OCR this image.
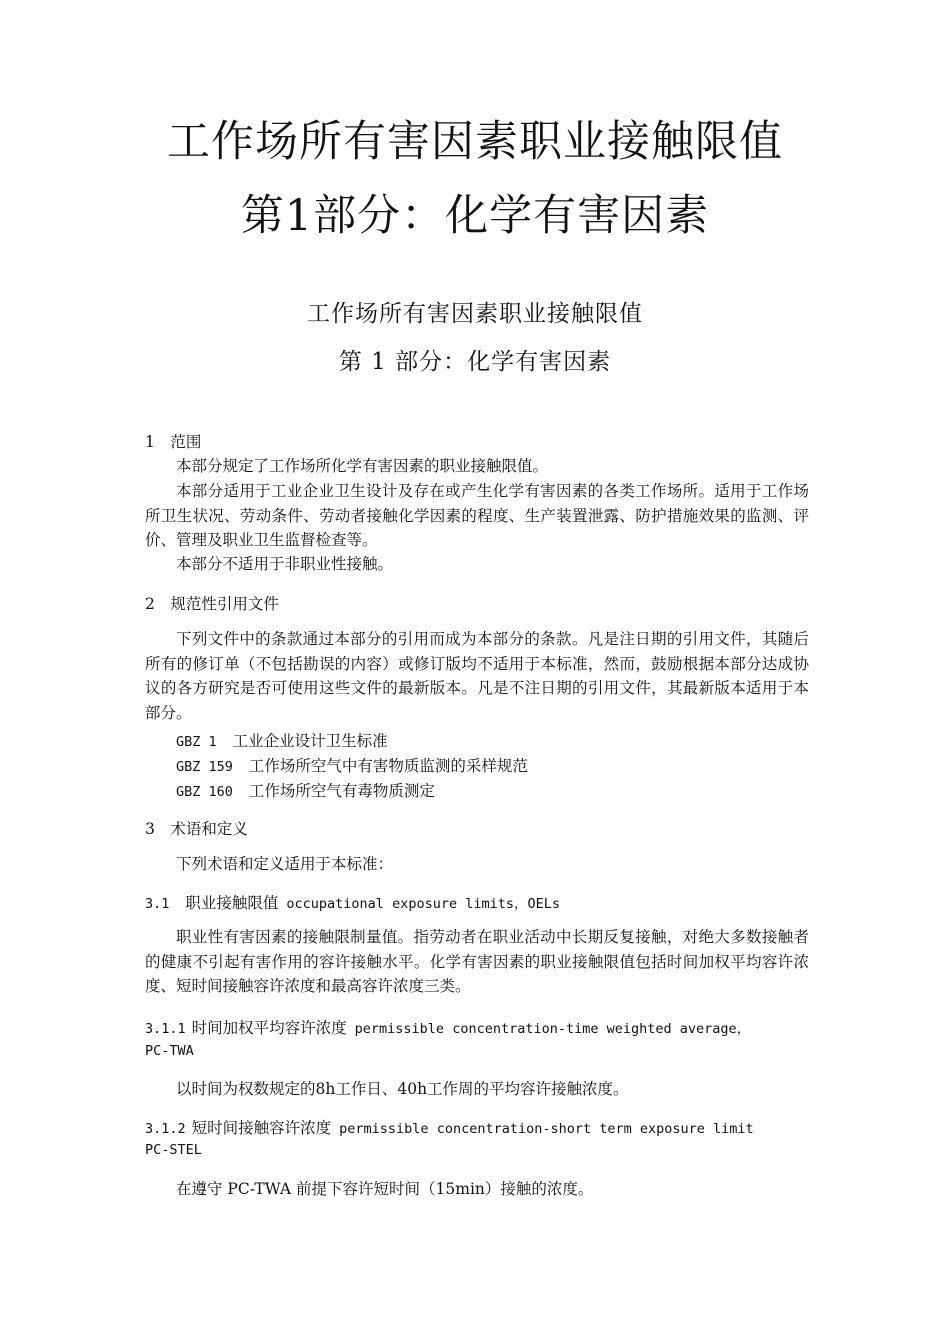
工作场所有害因素职业接触限值
第1部分：化学有害因素
工作场所有害因素职业接触限值
第 1 部分：化学有害因素
1　范围
本部分规定了工作场所化学有害因素的职业接触限值。
本部分适用于工业企业卫生设计及存在或产生化学有害因素的各类工作场所。适用于工作场所卫生状况、劳动条件、劳动者接触化学因素的程度、生产装置泄露、防护措施效果的监测、评价、管理及职业卫生监督检查等。
本部分不适用于非职业性接触。
2　规范性引用文件
下列文件中的条款通过本部分的引用而成为本部分的条款。凡是注日期的引用文件，其随后所有的修订单（不包括勘误的内容）或修订版均不适用于本标准，然而，鼓励根据本部分达成协议的各方研究是否可使用这些文件的最新版本。凡是不注日期的引用文件，其最新版本适用于本部分。
GBZ 1 工业企业设计卫生标准
GBZ 159 工作场所空气中有害物质监测的采样规范
GBZ 160 工作场所空气有毒物质测定
3　术语和定义
下列术语和定义适用于本标准：
3.1 职业接触限值 occupational exposure limits，OELs
职业性有害因素的接触限制量值。指劳动者在职业活动中长期反复接触，对绝大多数接触者的健康不引起有害作用的容许接触水平。化学有害因素的职业接触限值包括时间加权平均容许浓度、短时间接触容许浓度和最高容许浓度三类。
3.1.1 时间加权平均容许浓度 permissible concentration-time weighted average，
PC-TWA
以时间为权数规定的8h工作日、40h工作周的平均容许接触浓度。
3.1.2 短时间接触容许浓度 permissible concentration-short term exposure limit
PC-STEL
在遵守 PC-TWA 前提下容许短时间（15min）接触的浓度。
